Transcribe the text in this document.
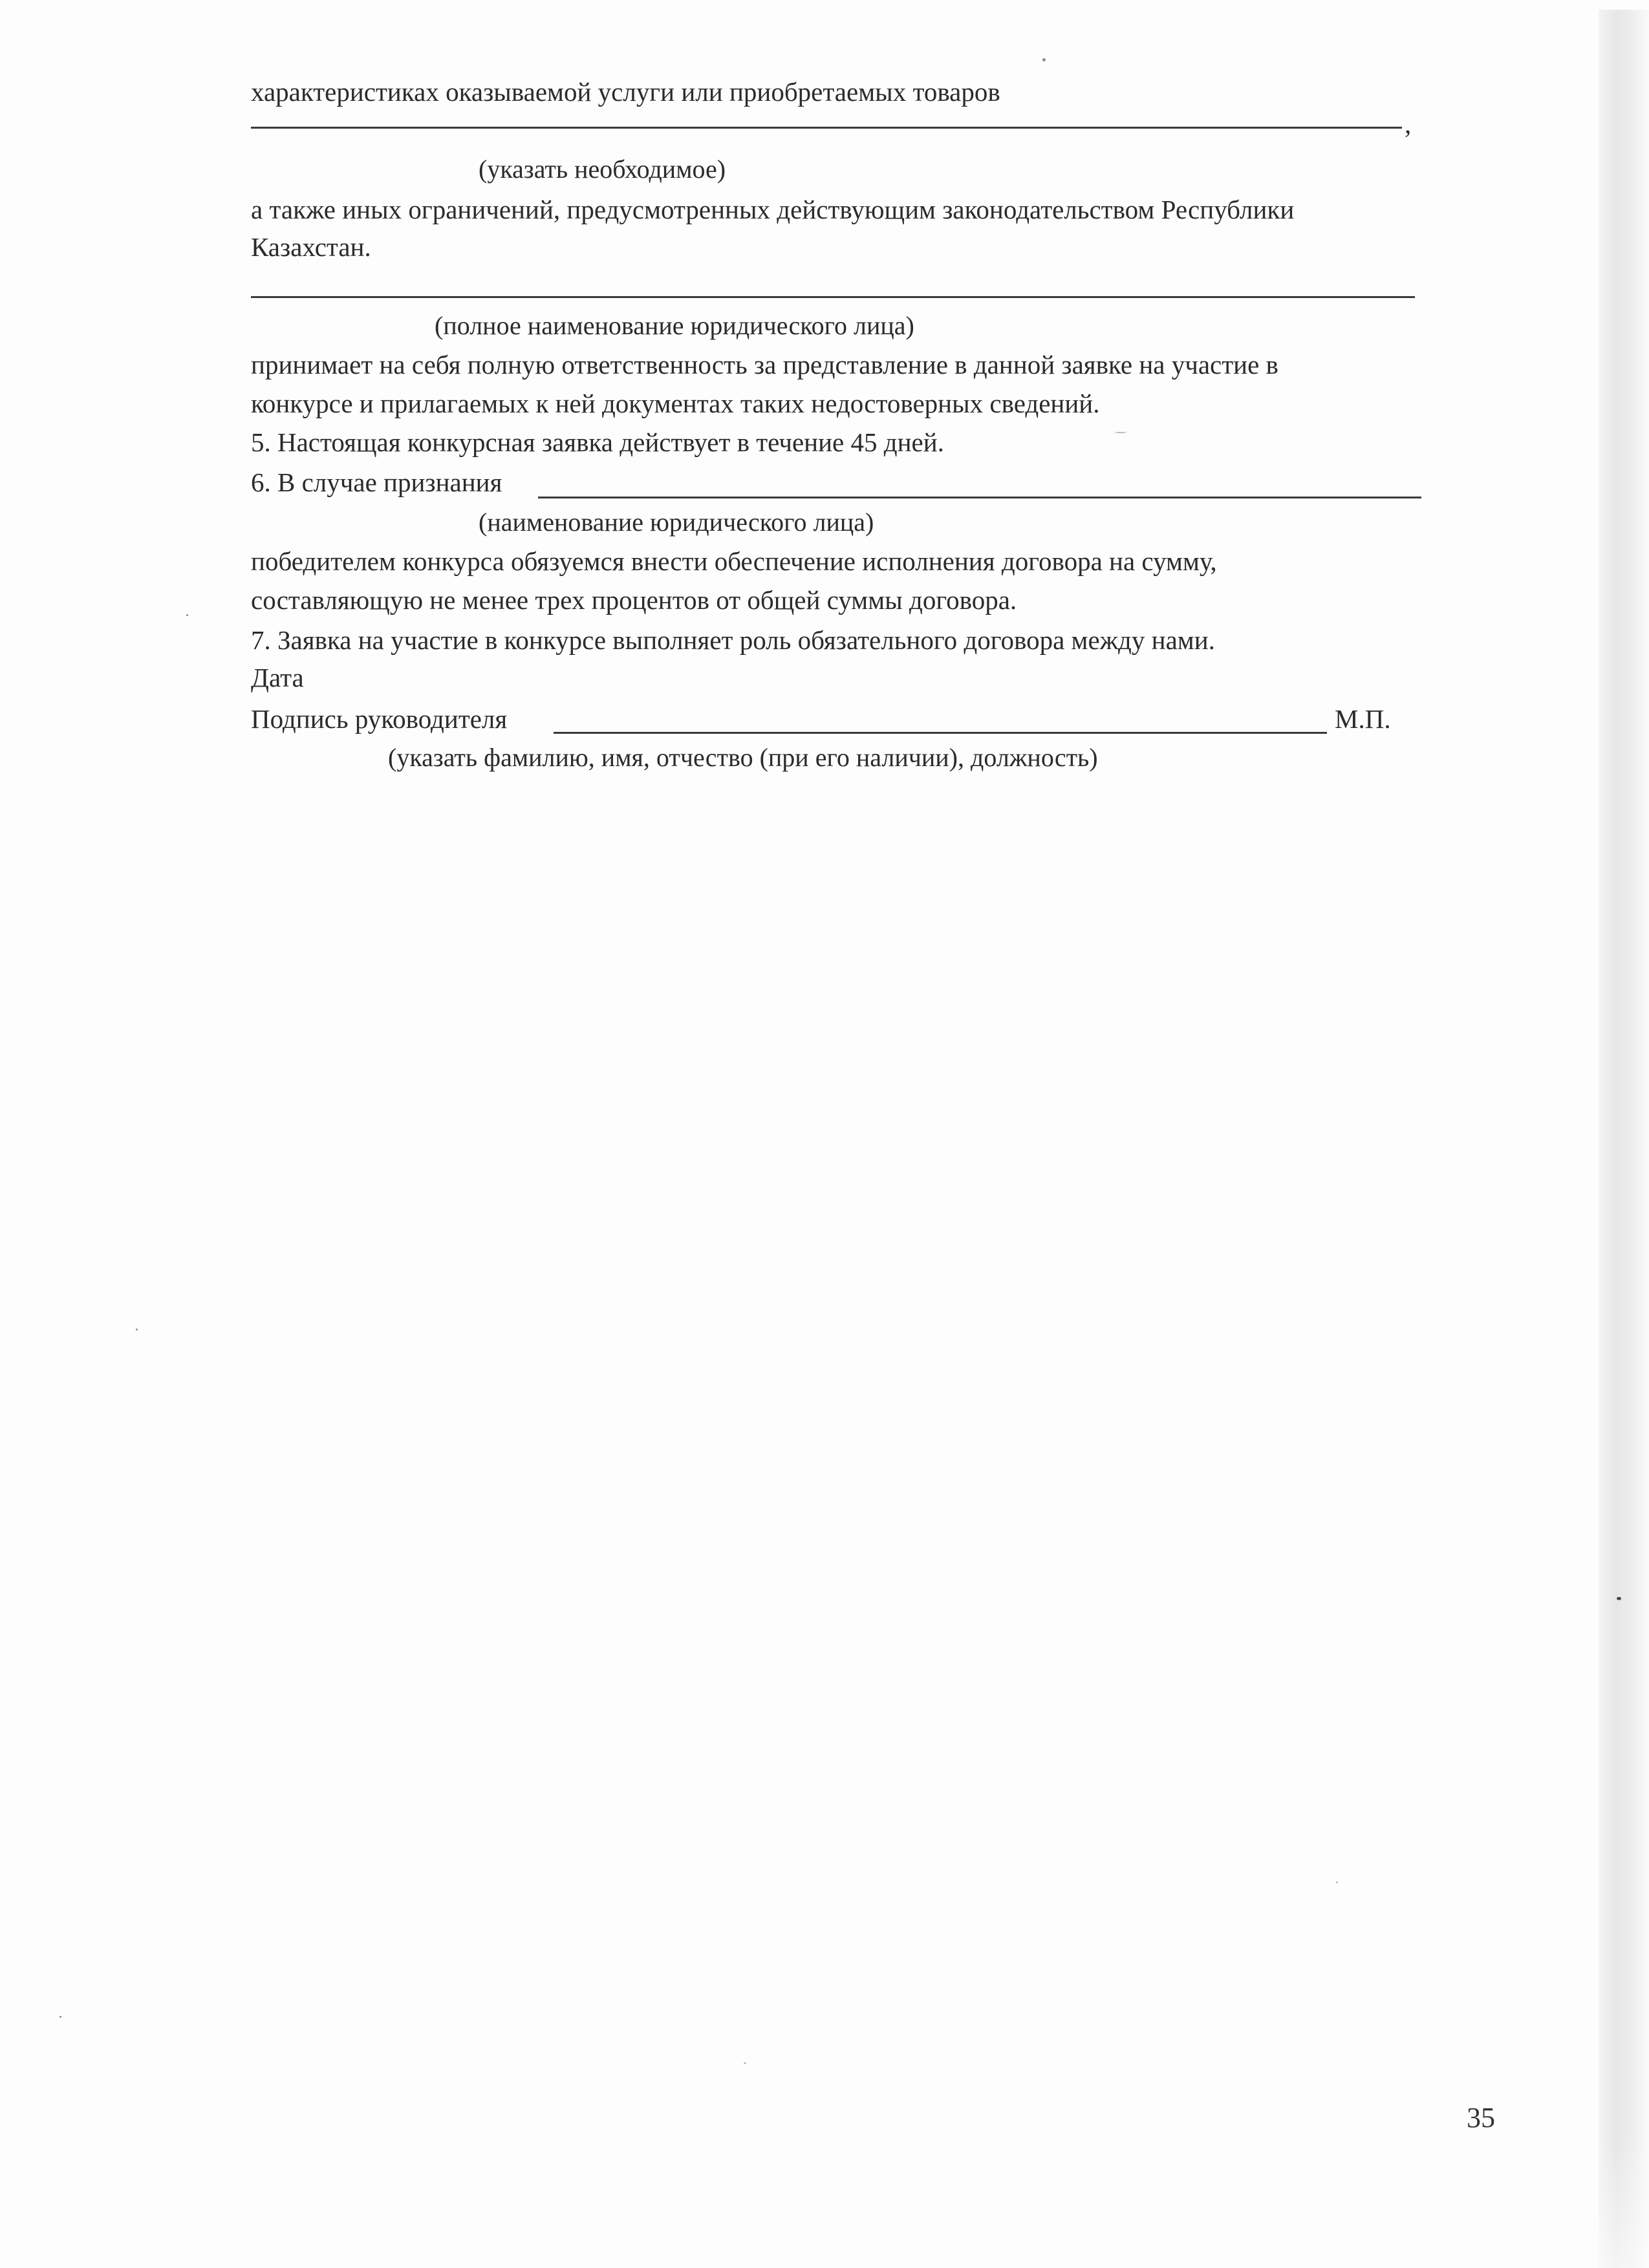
характеристиках оказываемой услуги или приобретаемых товаров
,
(указать необходимое)
а также иных ограничений, предусмотренных действующим законодательством Республики
Казахстан.
(полное наименование юридического лица)
принимает на себя полную ответственность за представление в данной заявке на участие в
конкурсе и прилагаемых к ней документах таких недостоверных сведений.
5. Настоящая конкурсная заявка действует в течение 45 дней.
6. В случае признания
(наименование юридического лица)
победителем конкурса обязуемся внести обеспечение исполнения договора на сумму,
составляющую не менее трех процентов от общей суммы договора.
7. Заявка на участие в конкурсе выполняет роль обязательного договора между нами.
Дата
Подпись руководителя	М.П.
(указать фамилию, имя, отчество (при его наличии), должность)
35
